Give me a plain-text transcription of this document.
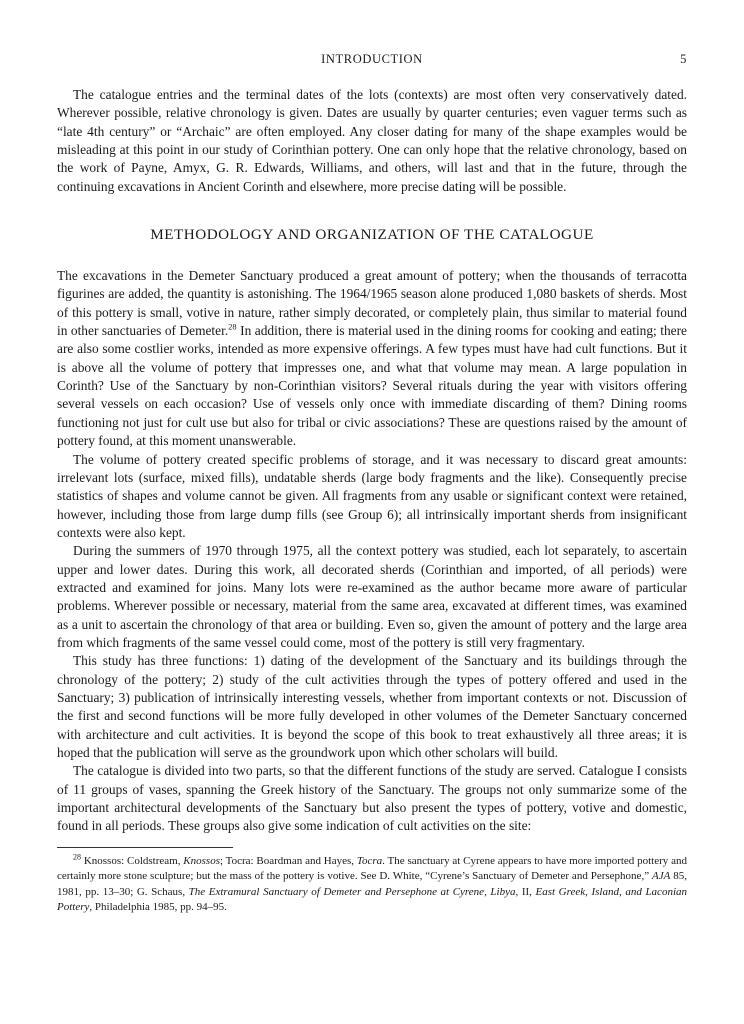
INTRODUCTION	5

The catalogue entries and the terminal dates of the lots (contexts) are most often very conservatively dated. Wherever possible, relative chronology is given. Dates are usually by quarter centuries; even vaguer terms such as “late 4th century” or “Archaic” are often employed. Any closer dating for many of the shape examples would be misleading at this point in our study of Corinthian pottery. One can only hope that the relative chronology, based on the work of Payne, Amyx, G. R. Edwards, Williams, and others, will last and that in the future, through the continuing excavations in Ancient Corinth and elsewhere, more precise dating will be possible.

METHODOLOGY AND ORGANIZATION OF THE CATALOGUE

The excavations in the Demeter Sanctuary produced a great amount of pottery; when the thousands of terracotta figurines are added, the quantity is astonishing. The 1964/1965 season alone produced 1,080 baskets of sherds. Most of this pottery is small, votive in nature, rather simply decorated, or completely plain, thus similar to material found in other sanctuaries of Demeter.$^{28}$ In addition, there is material used in the dining rooms for cooking and eating; there are also some costlier works, intended as more expensive offerings. A few types must have had cult functions. But it is above all the volume of pottery that impresses one, and what that volume may mean. A large population in Corinth? Use of the Sanctuary by non-Corinthian visitors? Several rituals during the year with visitors offering several vessels on each occasion? Use of vessels only once with immediate discarding of them? Dining rooms functioning not just for cult use but also for tribal or civic associations? These are questions raised by the amount of pottery found, at this moment unanswerable.

The volume of pottery created specific problems of storage, and it was necessary to discard great amounts: irrelevant lots (surface, mixed fills), undatable sherds (large body fragments and the like). Consequently precise statistics of shapes and volume cannot be given. All fragments from any usable or significant context were retained, however, including those from large dump fills (see Group 6); all intrinsically important sherds from insignificant contexts were also kept.

During the summers of 1970 through 1975, all the context pottery was studied, each lot separately, to ascertain upper and lower dates. During this work, all decorated sherds (Corinthian and imported, of all periods) were extracted and examined for joins. Many lots were re-examined as the author became more aware of particular problems. Wherever possible or necessary, material from the same area, excavated at different times, was examined as a unit to ascertain the chronology of that area or building. Even so, given the amount of pottery and the large area from which fragments of the same vessel could come, most of the pottery is still very fragmentary.

This study has three functions: 1) dating of the development of the Sanctuary and its buildings through the chronology of the pottery; 2) study of the cult activities through the types of pottery offered and used in the Sanctuary; 3) publication of intrinsically interesting vessels, whether from important contexts or not. Discussion of the first and second functions will be more fully developed in other volumes of the Demeter Sanctuary concerned with architecture and cult activities. It is beyond the scope of this book to treat exhaustively all three areas; it is hoped that the publication will serve as the groundwork upon which other scholars will build.

The catalogue is divided into two parts, so that the different functions of the study are served. Catalogue I consists of 11 groups of vases, spanning the Greek history of the Sanctuary. The groups not only summarize some of the important architectural developments of the Sanctuary but also present the types of pottery, votive and domestic, found in all periods. These groups also give some indication of cult activities on the site:

$^{28}$ Knossos: Coldstream, Knossos; Tocra: Boardman and Hayes, Tocra. The sanctuary at Cyrene appears to have more imported pottery and certainly more stone sculpture; but the mass of the pottery is votive. See D. White, “Cyrene’s Sanctuary of Demeter and Persephone,” AJA 85, 1981, pp. 13–30; G. Schaus, The Extramural Sanctuary of Demeter and Persephone at Cyrene, Libya, II, East Greek, Island, and Laconian Pottery, Philadelphia 1985, pp. 94–95.
